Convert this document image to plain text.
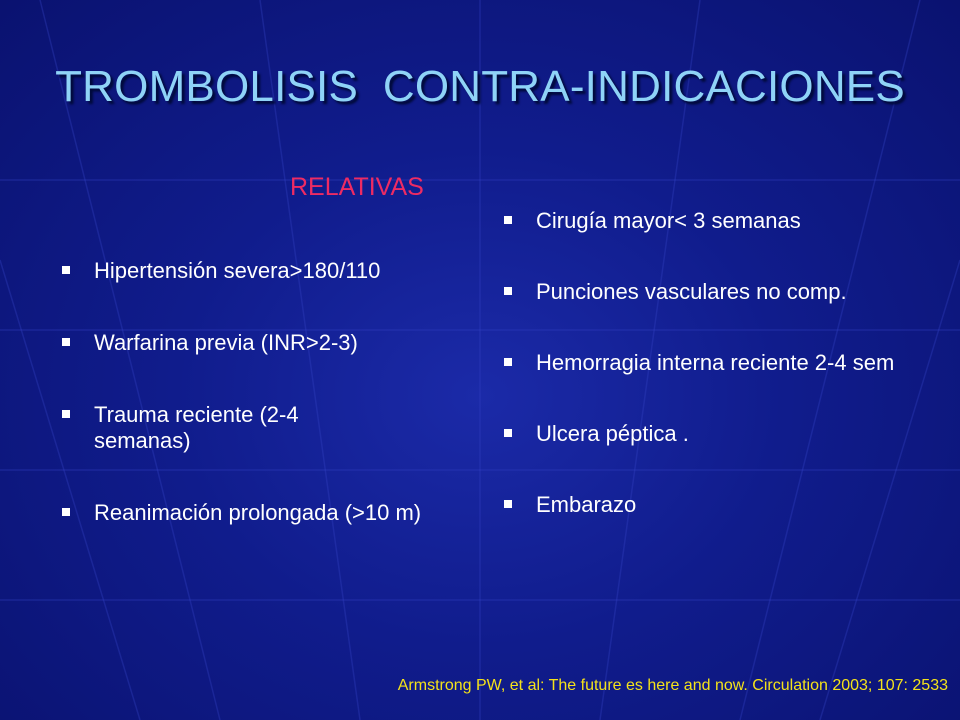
TROMBOLISIS  CONTRA-INDICACIONES
RELATIVAS
Hipertensión severa>180/110
Warfarina previa (INR>2-3)
Trauma reciente (2-4 semanas)
Reanimación prolongada (>10 m)
Cirugía mayor< 3 semanas
Punciones vasculares no comp.
Hemorragia interna reciente 2-4 sem
Ulcera péptica .
Embarazo
Armstrong PW, et al: The future es here and now. Circulation 2003; 107: 2533
